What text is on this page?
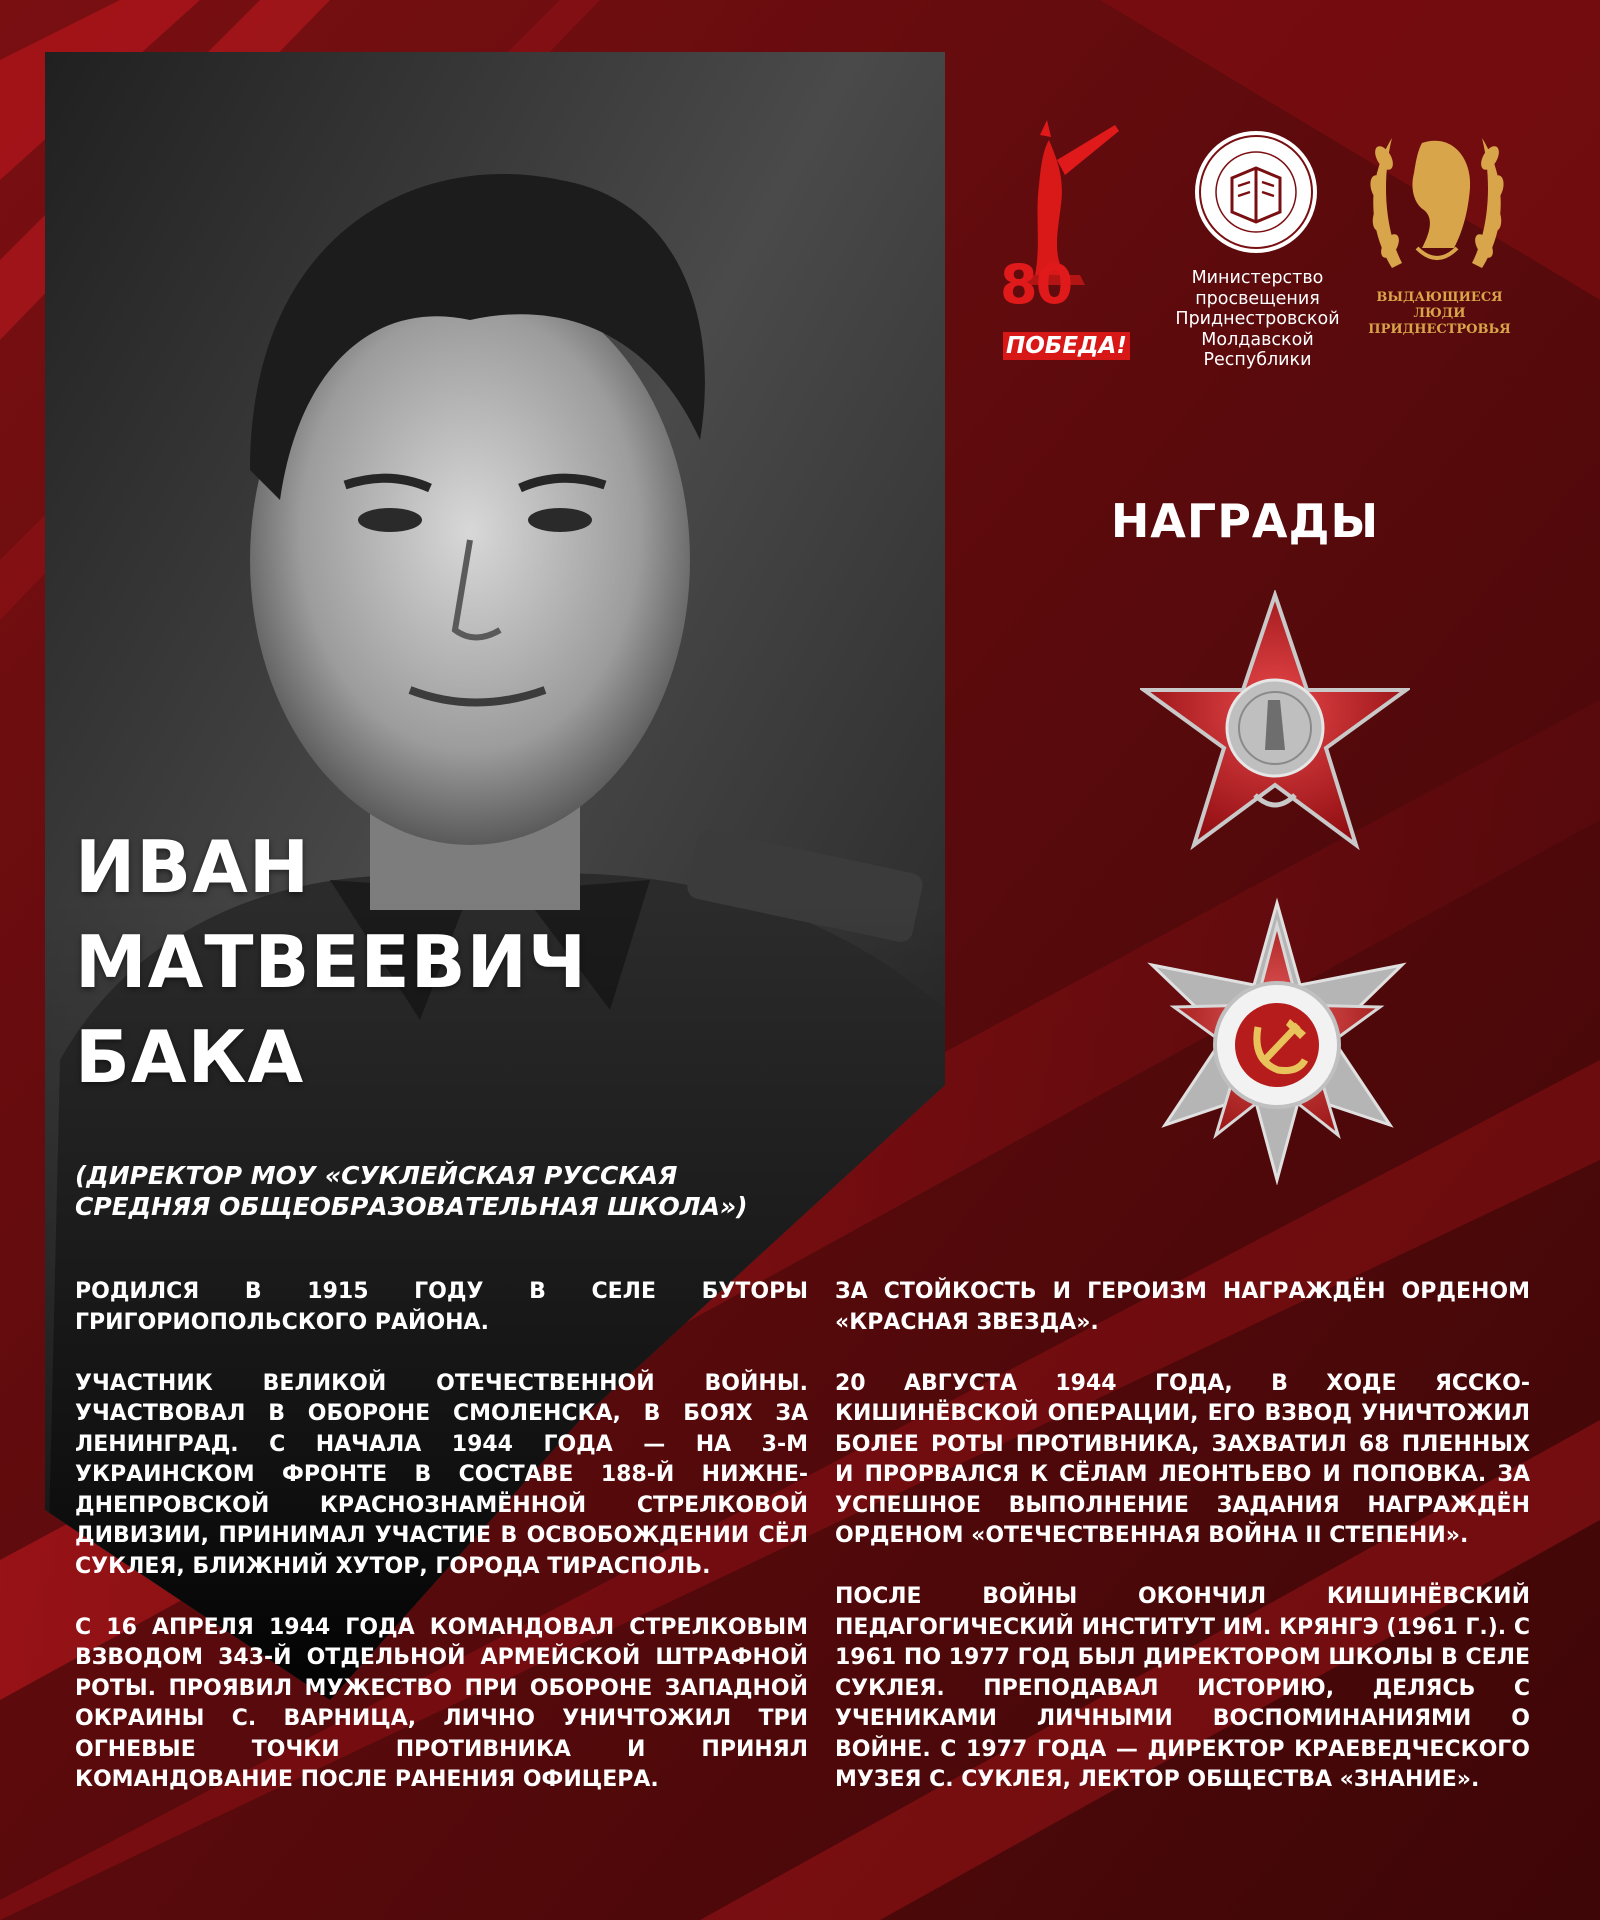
80
ПОБЕДА!
Министерство
просвещения
Приднестровской
Молдавской
Республики
ВЫДАЮЩИЕСЯ
ЛЮДИ
ПРИДНЕСТРОВЬЯ
НАГРАДЫ
ИВАН
МАТВЕЕВИЧ
БАКА
(ДИРЕКТОР МОУ «СУКЛЕЙСКАЯ РУССКАЯ
СРЕДНЯЯ ОБЩЕОБРАЗОВАТЕЛЬНАЯ ШКОЛА»)

РОДИЛСЯ В 1915 ГОДУ В СЕЛЕ БУТОРЫ ГРИГОРИОПОЛЬСКОГО РАЙОНА.

УЧАСТНИК ВЕЛИКОЙ ОТЕЧЕСТВЕННОЙ ВОЙНЫ. УЧАСТВОВАЛ В ОБОРОНЕ СМОЛЕНСКА, В БОЯХ ЗА ЛЕНИНГРАД. С НАЧАЛА 1944 ГОДА — НА 3-М УКРАИНСКОМ ФРОНТЕ В СОСТАВЕ 188-Й НИЖНЕ-ДНЕПРОВСКОЙ КРАСНОЗНАМЁННОЙ СТРЕЛКОВОЙ ДИВИЗИИ, ПРИНИМАЛ УЧАСТИЕ В ОСВОБОЖДЕНИИ СЁЛ СУКЛЕЯ, БЛИЖНИЙ ХУТОР, ГОРОДА ТИРАСПОЛЬ.

С 16 АПРЕЛЯ 1944 ГОДА КОМАНДОВАЛ СТРЕЛКОВЫМ ВЗВОДОМ 343-Й ОТДЕЛЬНОЙ АРМЕЙСКОЙ ШТРАФНОЙ РОТЫ. ПРОЯВИЛ МУЖЕСТВО ПРИ ОБОРОНЕ ЗАПАДНОЙ ОКРАИНЫ С. ВАРНИЦА, ЛИЧНО УНИЧТОЖИЛ ТРИ ОГНЕВЫЕ ТОЧКИ ПРОТИВНИКА И ПРИНЯЛ КОМАНДОВАНИЕ ПОСЛЕ РАНЕНИЯ ОФИЦЕРА.

ЗА СТОЙКОСТЬ И ГЕРОИЗМ НАГРАЖДЁН ОРДЕНОМ «КРАСНАЯ ЗВЕЗДА».

20 АВГУСТА 1944 ГОДА, В ХОДЕ ЯССКО-КИШИНЁВСКОЙ ОПЕРАЦИИ, ЕГО ВЗВОД УНИЧТОЖИЛ БОЛЕЕ РОТЫ ПРОТИВНИКА, ЗАХВАТИЛ 68 ПЛЕННЫХ И ПРОРВАЛСЯ К СЁЛАМ ЛЕОНТЬЕВО И ПОПОВКА. ЗА УСПЕШНОЕ ВЫПОЛНЕНИЕ ЗАДАНИЯ НАГРАЖДЁН ОРДЕНОМ «ОТЕЧЕСТВЕННАЯ ВОЙНА II СТЕПЕНИ».

ПОСЛЕ ВОЙНЫ ОКОНЧИЛ КИШИНЁВСКИЙ ПЕДАГОГИЧЕСКИЙ ИНСТИТУТ ИМ. КРЯНГЭ (1961 Г.). С 1961 ПО 1977 ГОД БЫЛ ДИРЕКТОРОМ ШКОЛЫ В СЕЛЕ СУКЛЕЯ. ПРЕПОДАВАЛ ИСТОРИЮ, ДЕЛЯСЬ С УЧЕНИКАМИ ЛИЧНЫМИ ВОСПОМИНАНИЯМИ О ВОЙНЕ. С 1977 ГОДА — ДИРЕКТОР КРАЕВЕДЧЕСКОГО МУЗЕЯ С. СУКЛЕЯ, ЛЕКТОР ОБЩЕСТВА «ЗНАНИЕ».
